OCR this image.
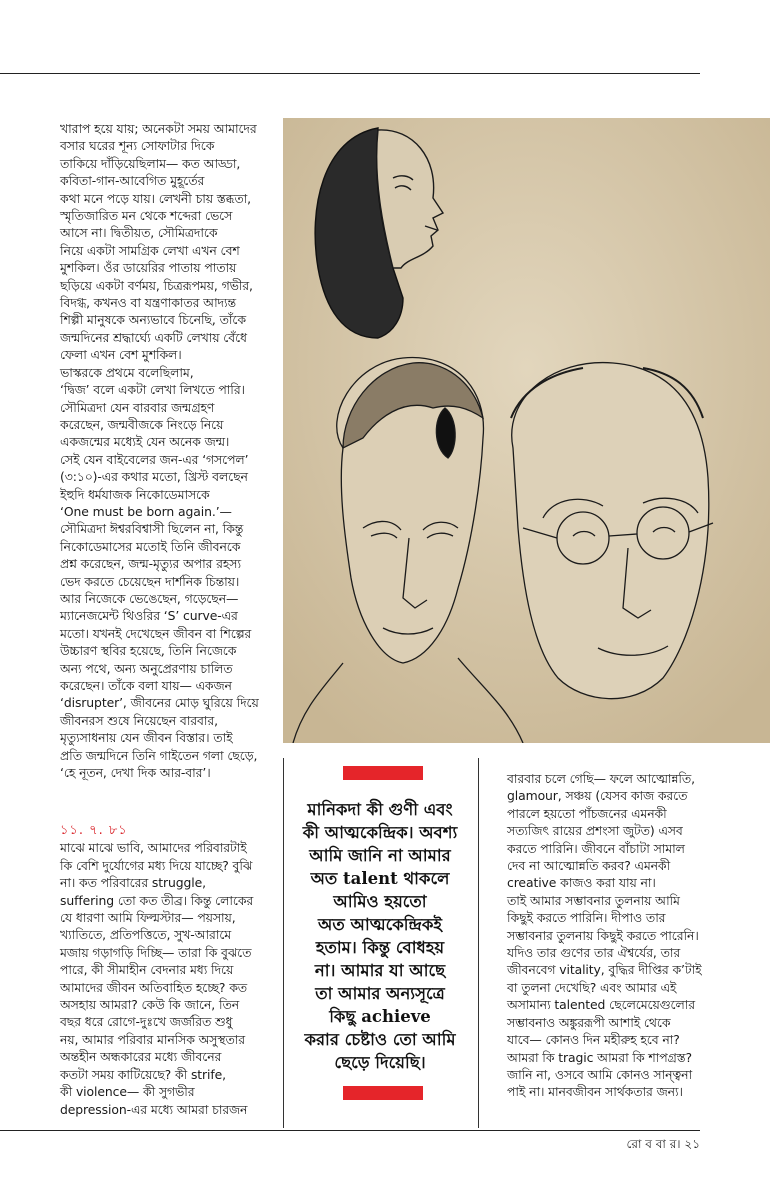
খারাপ হয়ে যায়; অনেকটা সময় আমাদের

বসার ঘরের শূন্য সোফাটার দিকে

তাকিয়ে দাঁড়িয়েছিলাম— কত আড্ডা,

কবিতা-গান-আবেগিত মুহূর্তের

কথা মনে পড়ে যায়। লেখনী চায় স্তব্ধতা,

স্মৃতিজারিত মন থেকে শব্দেরা ভেসে

আসে না। দ্বিতীয়ত, সৌমিত্রদাকে

নিয়ে একটা সামগ্রিক লেখা এখন বেশ

মুশকিল। ওঁর ডায়েরির পাতায় পাতায়

ছড়িয়ে একটা বর্ণময়, চিত্ররূপময়, গভীর,

বিদগ্ধ, কখনও বা যন্ত্রণাকাতর আদ্যন্ত

শিল্পী মানুষকে অন্যভাবে চিনেছি, তাঁকে

জন্মদিনের শ্রদ্ধার্ঘ্যে একটি লেখায় বেঁধে

ফেলা এখন বেশ মুশকিল।

ভাস্করকে প্রথমে বলেছিলাম,

‘দ্বিজ’ বলে একটা লেখা লিখতে পারি।

সৌমিত্রদা যেন বারবার জন্মগ্রহণ

করেছেন, জন্মবীজকে নিংড়ে নিয়ে

একজন্মের মধ্যেই যেন অনেক জন্ম।

সেই যেন বাইবেলের জন-এর ‘গসপেল’

(৩:১০)-এর কথার মতো, খ্রিস্ট বলছেন

ইহুদি ধর্মযাজক নিকোডেমাসকে

‘One must be born again.’—

সৌমিত্রদা ঈশ্বরবিশ্বাসী ছিলেন না, কিন্তু

নিকোডেমাসের মতোই তিনি জীবনকে

প্রশ্ন করেছেন, জন্ম-মৃত্যুর অপার রহস্য

ভেদ করতে চেয়েছেন দার্শনিক চিন্তায়।

আর নিজেকে ভেঙেছেন, গড়েছেন—

ম্যানেজমেন্ট থিওরির ‘S’ curve-এর

মতো। যখনই দেখেছেন জীবন বা শিল্পের

উচ্চারণ স্থবির হয়েছে, তিনি নিজেকে

অন্য পথে, অন্য অনুপ্রেরণায় চালিত

করেছেন। তাঁকে বলা যায়— একজন

‘disrupter’, জীবনের মোড় ঘুরিয়ে দিয়ে

জীবনরস শুষে নিয়েছেন বারবার,

মৃত্যুসাধনায় যেন জীবন বিস্তার। তাই

প্রতি জন্মদিনে তিনি গাইতেন গলা ছেড়ে,

‘হে নূতন, দেখা দিক আর-বার’।

১১. ৭. ৮১

মাঝে মাঝে ভাবি, আমাদের পরিবারটাই

কি বেশি দুর্যোগের মধ্য দিয়ে যাচ্ছে? বুঝি

না। কত পরিবারের struggle,

suffering তো কত তীব্র। কিন্তু লোকের

যে ধারণা আমি ফিল্মস্টার— পয়সায়,

খ্যাতিতে, প্রতিপত্তিতে, সুখ-আরামে

মজায় গড়াগড়ি দিচ্ছি— তারা কি বুঝতে

পারে, কী সীমাহীন বেদনার মধ্য দিয়ে

আমাদের জীবন অতিবাহিত হচ্ছে? কত

অসহায় আমরা? কেউ কি জানে, তিন

বছর ধরে রোগে-দুঃখে জর্জরিত শুধু

নয়, আমার পরিবার মানসিক অসুস্থতার

অন্তহীন অন্ধকারের মধ্যে জীবনের

কতটা সময় কাটিয়েছে? কী strife,

কী violence— কী সুগভীর

depression-এর মধ্যে আমরা চারজন

মানিকদা কী গুণী এবং

কী আত্মকেন্দ্রিক। অবশ্য

আমি জানি না আমার

অত talent থাকলে

আমিও হয়তো

অত আত্মকেন্দ্রিকই

হতাম। কিন্তু বোধহয়

না। আমার যা আছে

তা আমার অন্যসূত্রে

কিছু achieve

করার চেষ্টাও তো আমি

ছেড়ে দিয়েছি।

বারবার চলে গেছি— ফলে আত্মোন্নতি,

glamour, সঞ্চয় (যেসব কাজ করতে

পারলে হয়তো পাঁচজনের এমনকী

সত্যজিৎ রায়ের প্রশংসা জুটত) এসব

করতে পারিনি। জীবনে বাঁচাটা সামাল

দেব না আত্মোন্নতি করব? এমনকী

creative কাজও করা যায় না।

তাই আমার সম্ভাবনার তুলনায় আমি

কিছুই করতে পারিনি। দীপাও তার

সম্ভাবনার তুলনায় কিছুই করতে পারেনি।

যদিও তার গুণের তার ঐশ্বর্যের, তার

জীবনবেগ vitality, বুদ্ধির দীপ্তির ক’টাই

বা তুলনা দেখেছি? এবং আমার এই

অসামান্য talented ছেলেমেয়েগুলোর

সম্ভাবনাও অঙ্কুররূপী আশাই থেকে

যাবে— কোনও দিন মহীরুহ হবে না?

আমরা কি tragic আমরা কি শাপগ্রস্ত?

জানি না, ওসবে আমি কোনও সান্ত্বনা

পাই না। মানবজীবন সার্থকতার জন্য।

রো ব বা র। ২১
